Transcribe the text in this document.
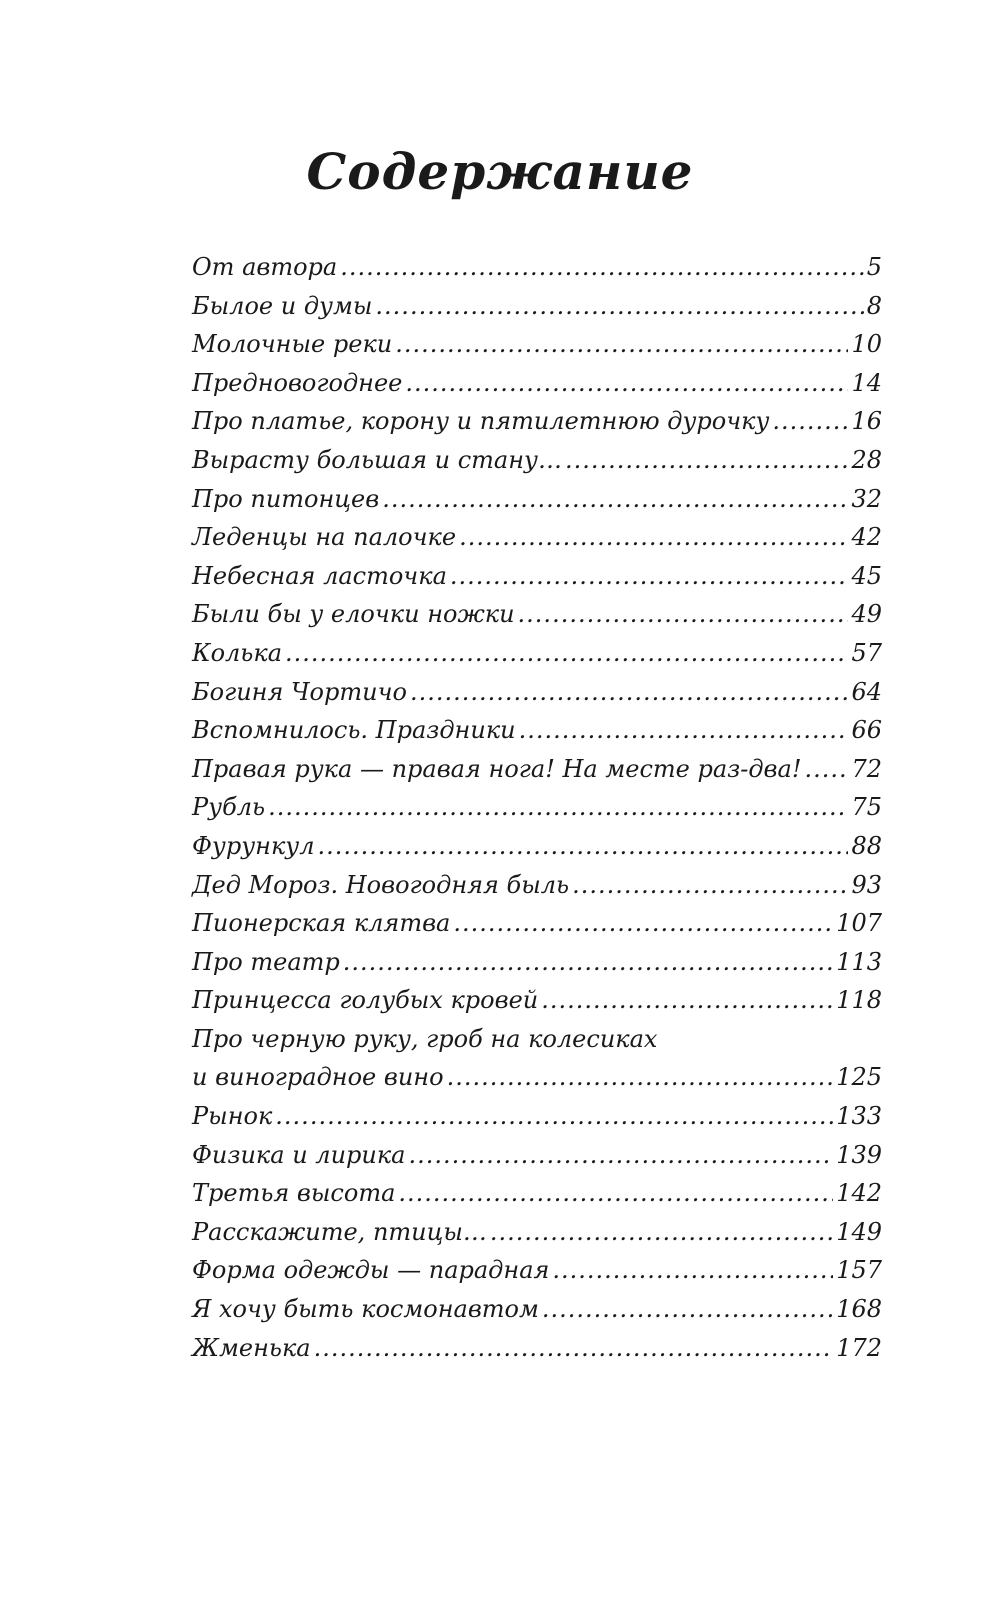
Содержание
От автора .....	5
Былое и думы .....	8
Молочные реки .....	10
Предновогоднее .....	14
Про платье, корону и пятилетнюю дурочку .....	16
Вырасту большая и стану… .....	28
Про питонцев .....	32
Леденцы на палочке .....	42
Небесная ласточка .....	45
Были бы у елочки ножки .....	49
Колька .....	57
Богиня Чортичо .....	64
Вспомнилось. Праздники .....	66
Правая рука — правая нога! На месте раз-два! ..... 72
Рубль .....	75
Фурункул .....	88
Дед Мороз. Новогодняя быль .....	93
Пионерская клятва .....	107
Про театр .....	113
Принцесса голубых кровей .....	118
Про черную руку, гроб на колесиках
и виноградное вино .....	125
Рынок .....	133
Физика и лирика .....	139
Третья высота .....	142
Расскажите, птицы… .....	149
Форма одежды — парадная .....	157
Я хочу быть космонавтом .....	168
Жменька .....	172
